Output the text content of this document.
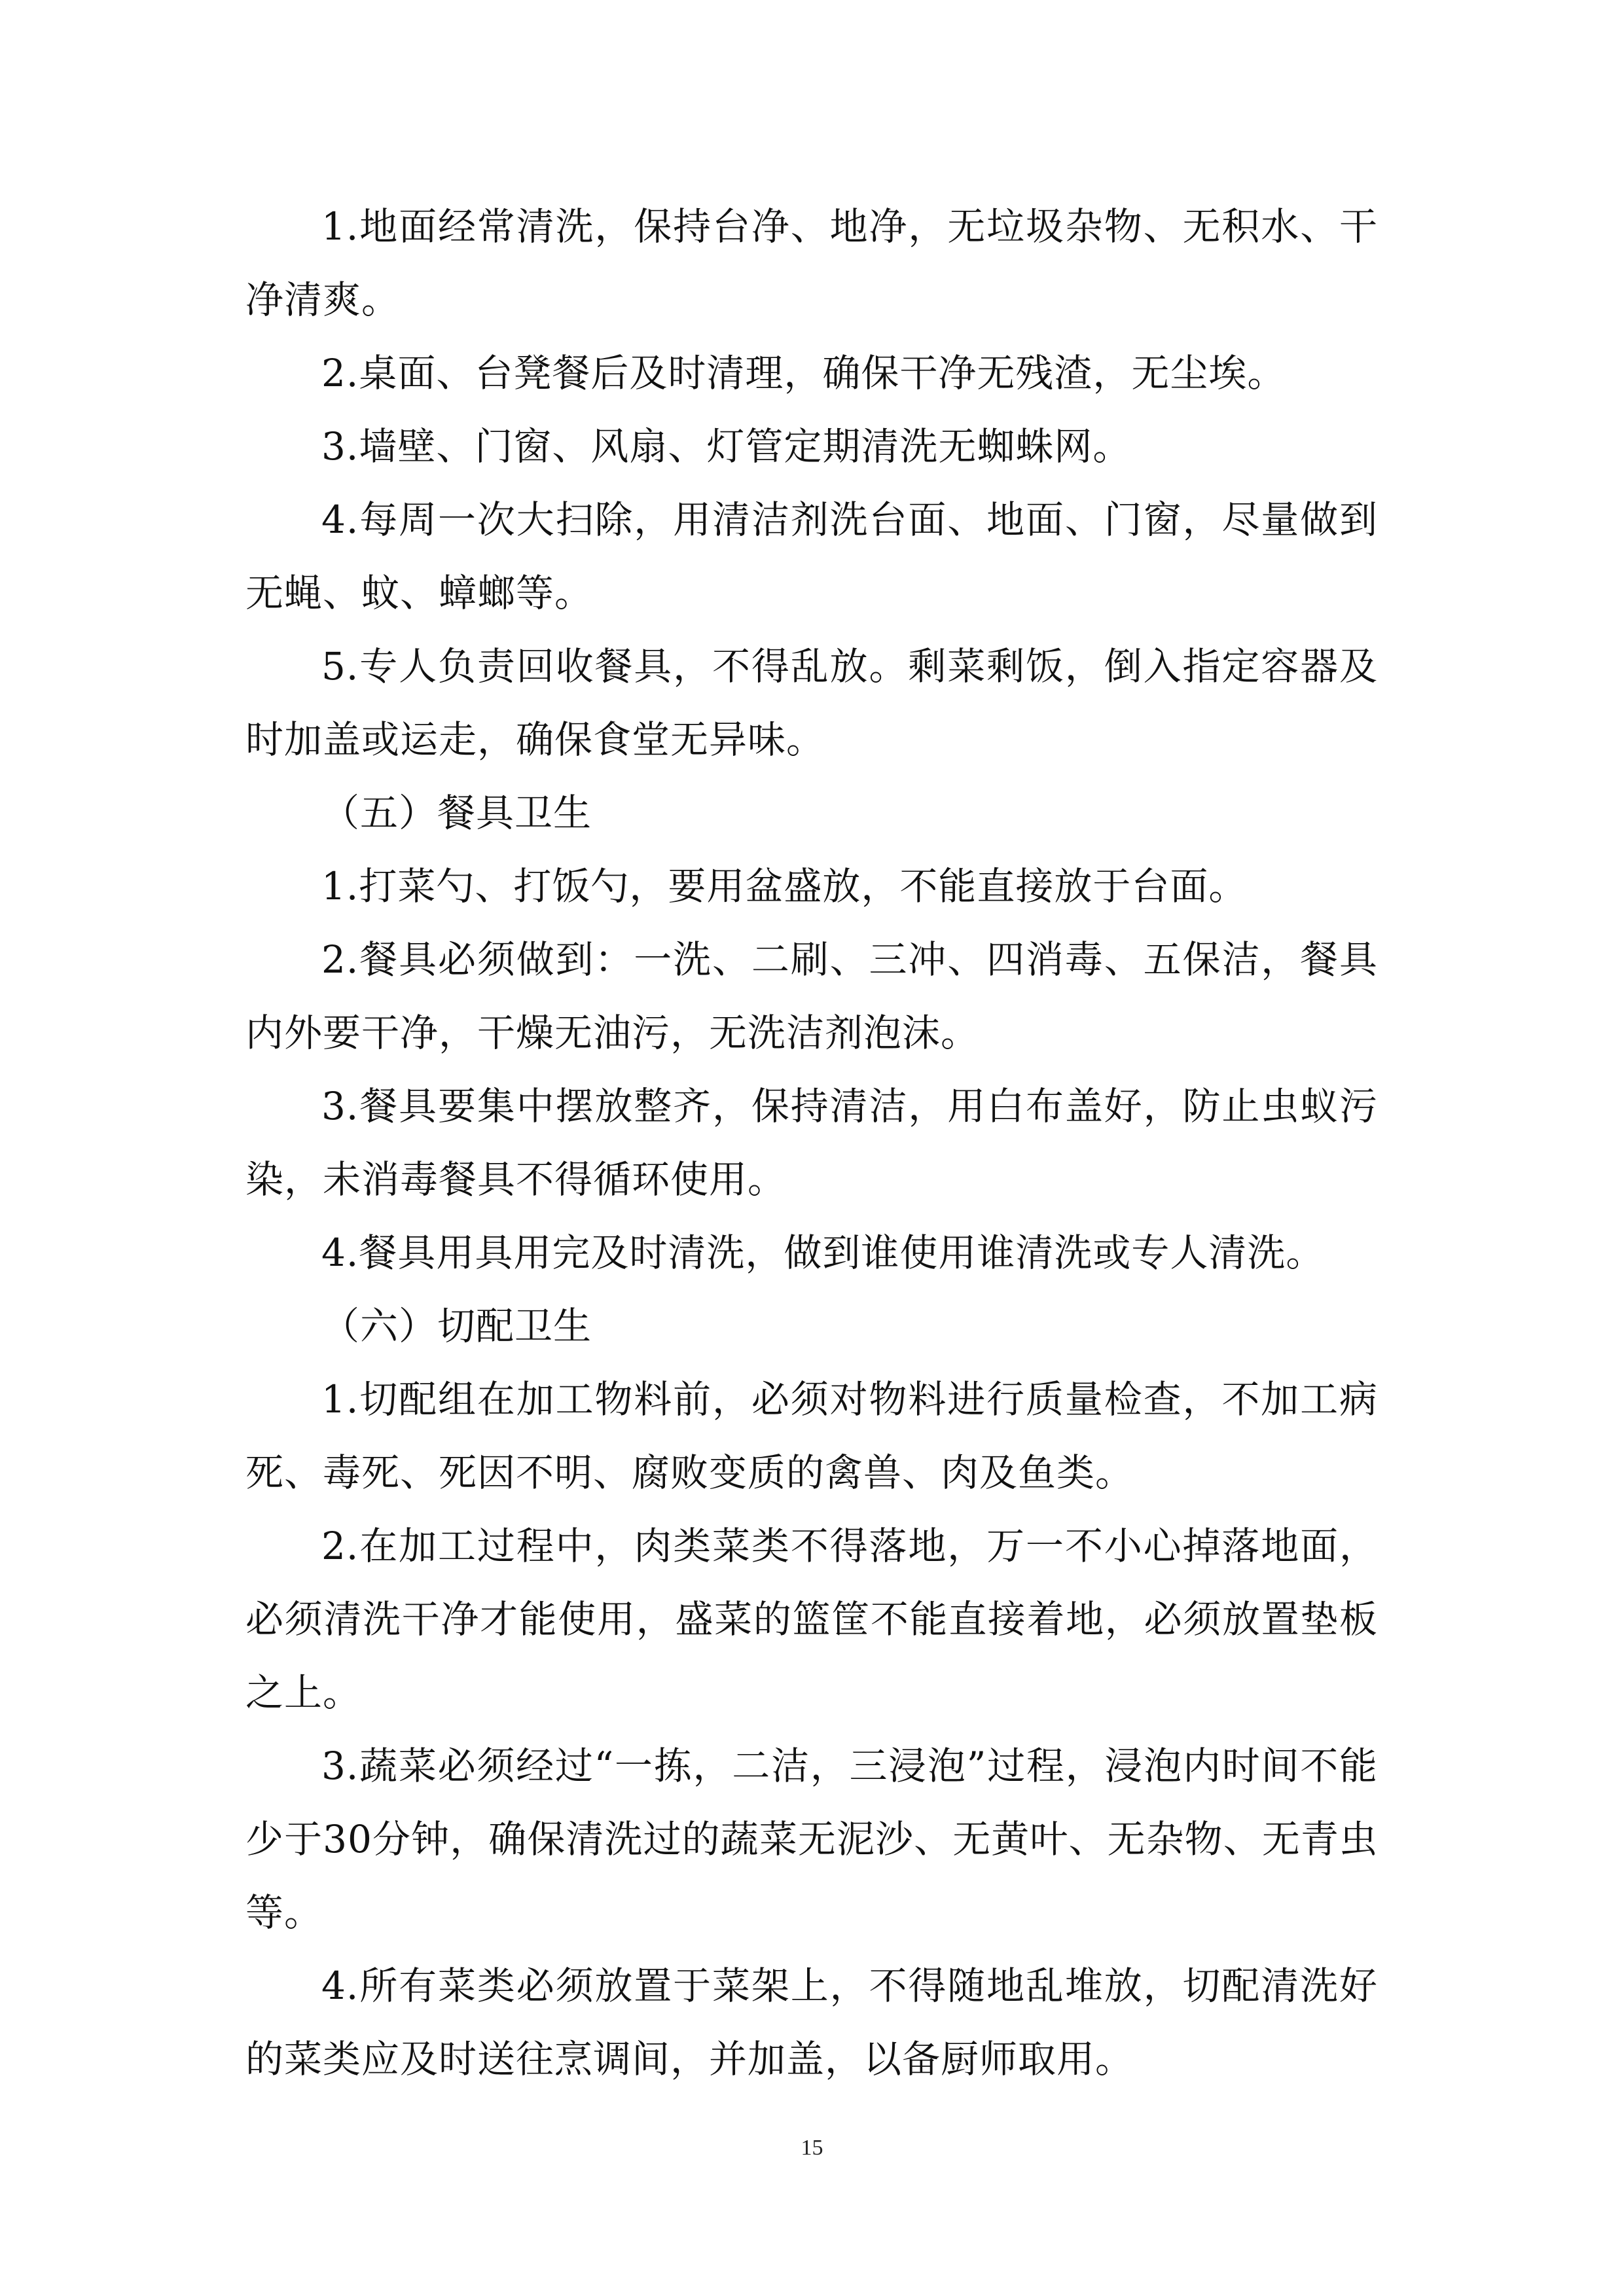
1.地面经常清洗，保持台净、地净，无垃圾杂物、无积水、干净清爽。

2.桌面、台凳餐后及时清理，确保干净无残渣，无尘埃。

3.墙壁、门窗、风扇、灯管定期清洗无蜘蛛网。

4.每周一次大扫除，用清洁剂洗台面、地面、门窗，尽量做到无蝇、蚊、蟑螂等。

5.专人负责回收餐具，不得乱放。剩菜剩饭，倒入指定容器及时加盖或运走，确保食堂无异味。

（五）餐具卫生

1.打菜勺、打饭勺，要用盆盛放，不能直接放于台面。

2.餐具必须做到：一洗、二刷、三冲、四消毒、五保洁，餐具内外要干净，干燥无油污，无洗洁剂泡沫。

3.餐具要集中摆放整齐，保持清洁，用白布盖好，防止虫蚁污染，未消毒餐具不得循环使用。

4.餐具用具用完及时清洗，做到谁使用谁清洗或专人清洗。

（六）切配卫生

1.切配组在加工物料前，必须对物料进行质量检查，不加工病死、毒死、死因不明、腐败变质的禽兽、肉及鱼类。

2.在加工过程中，肉类菜类不得落地，万一不小心掉落地面，必须清洗干净才能使用，盛菜的篮筐不能直接着地，必须放置垫板之上。

3.蔬菜必须经过“一拣，二洁，三浸泡”过程，浸泡内时间不能少于30分钟，确保清洗过的蔬菜无泥沙、无黄叶、无杂物、无青虫等。

4.所有菜类必须放置于菜架上，不得随地乱堆放，切配清洗好的菜类应及时送往烹调间，并加盖，以备厨师取用。

15
